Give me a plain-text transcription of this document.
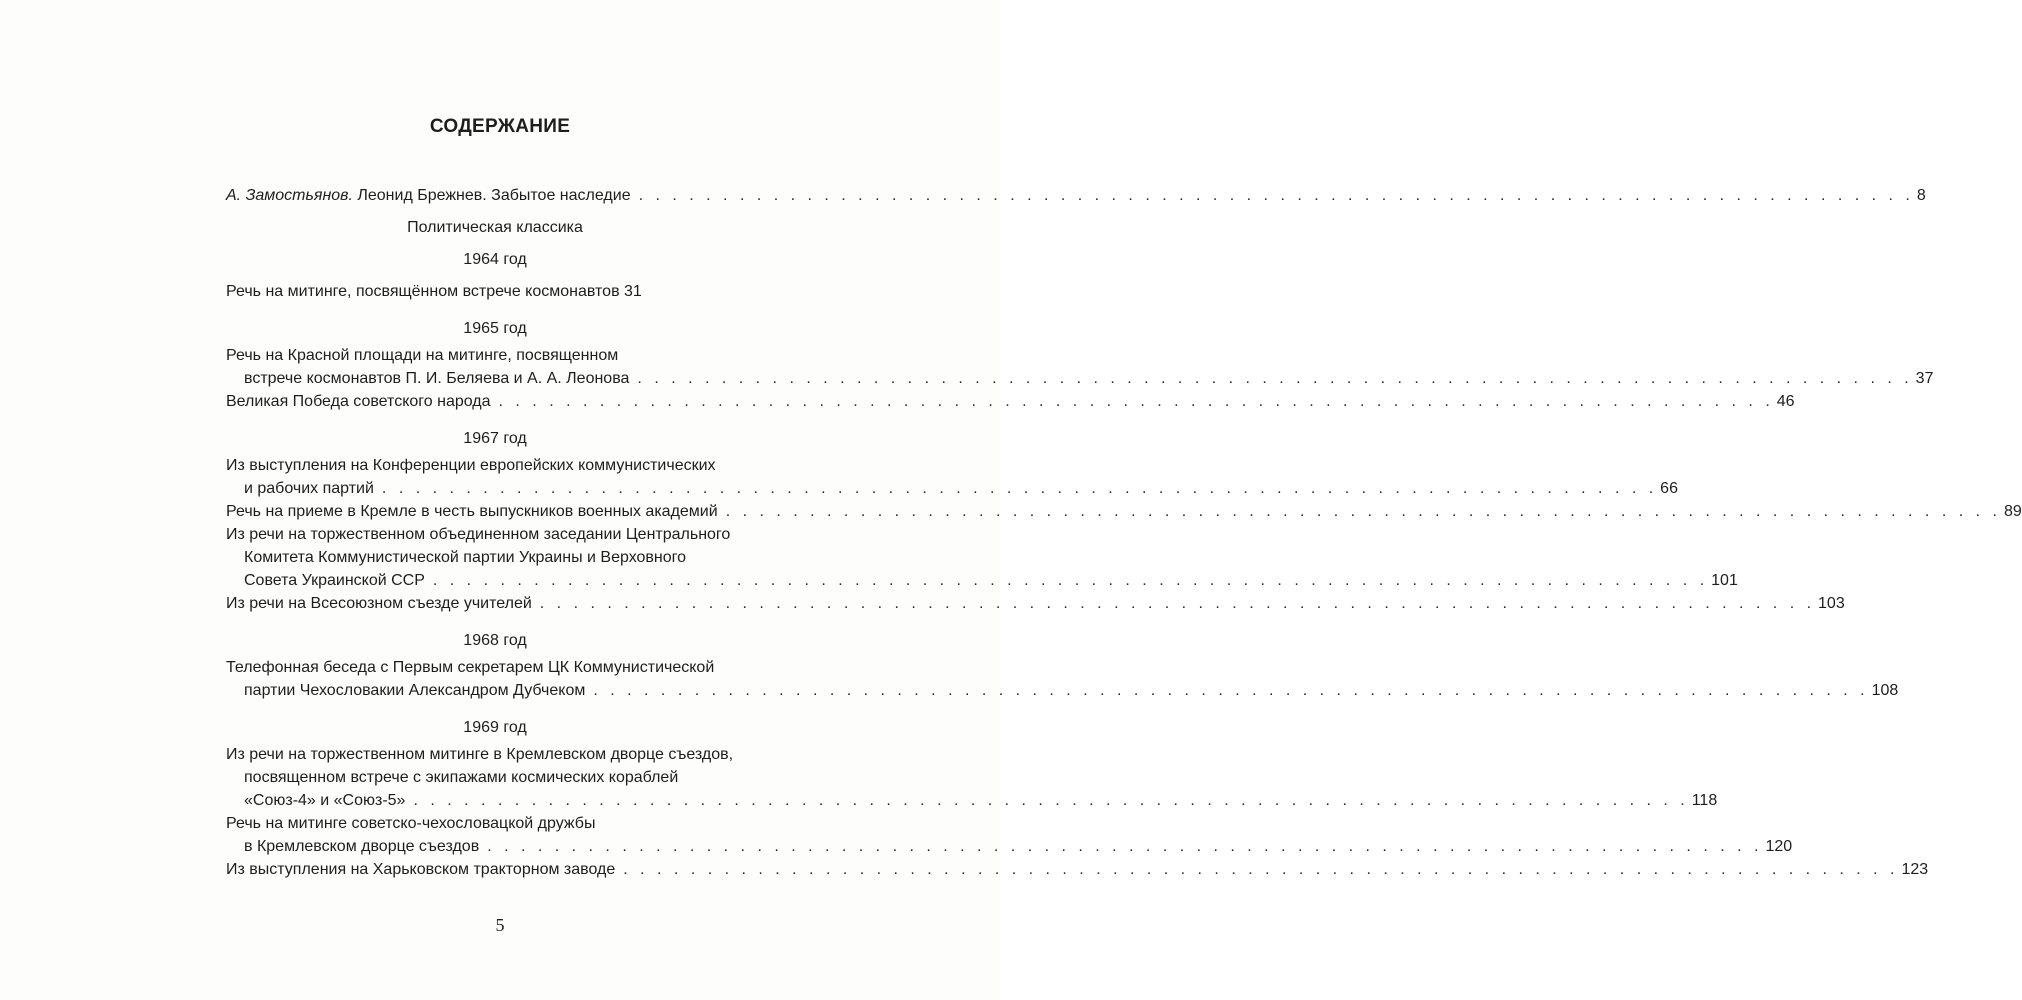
СОДЕРЖАНИЕ
А. Замостьянов. Леонид Брежнев. Забытое наследие . . .	8
Политическая классика
1964 год
Речь на митинге, посвящённом встрече космонавтов 31
1965 год
Речь на Красной площади на митинге, посвященном
встрече космонавтов П. И. Беляева и А. А. Леонова . . .	37
Великая Победа советского народа . . .	46
1967 год
Из выступления на Конференции европейских коммунистических
и рабочих партий . . .	66
Речь на приеме в Кремле в честь выпускников военных академий . . .	89
Из речи на торжественном объединенном заседании Центрального
Комитета Коммунистической партии Украины и Верховного
Совета Украинской ССР . . .	101
Из речи на Всесоюзном съезде учителей . . .	103
1968 год
Телефонная беседа с Первым секретарем ЦК Коммунистической
партии Чехословакии Александром Дубчеком . . .	108
1969 год
Из речи на торжественном митинге в Кремлевском дворце съездов,
посвященном встрече с экипажами космических кораблей
«Союз-4» и «Союз-5» . . .	118
Речь на митинге советско-чехословацкой дружбы
в Кремлевском дворце съездов . . .	120
Из выступления на Харьковском тракторном заводе . . .	123
5
